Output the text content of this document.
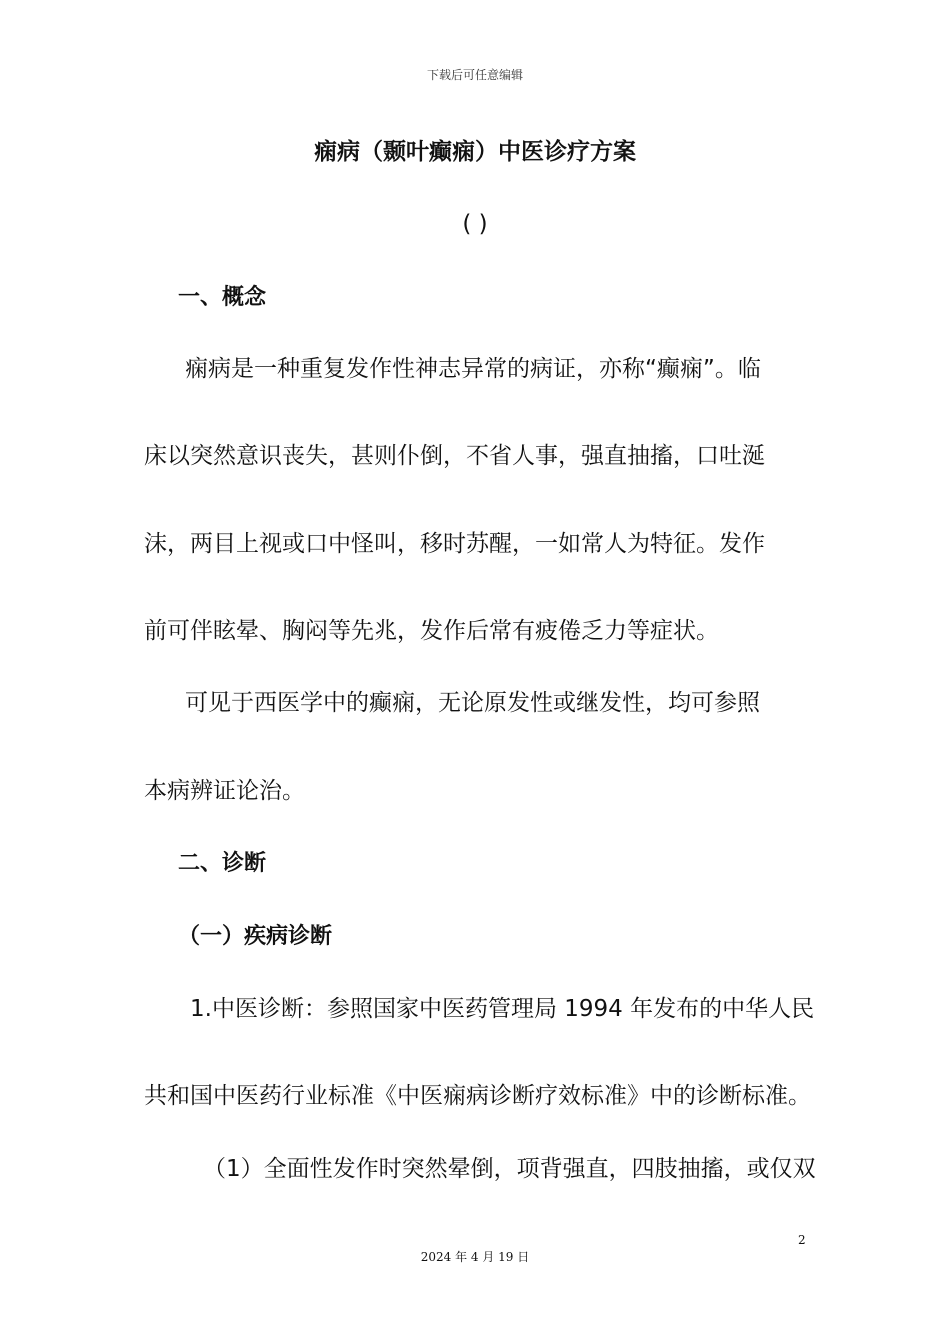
下载后可任意编辑
痫病（颞叶癫痫）中医诊疗方案
( )
一、概念
痫病是一种重复发作性神志异常的病证，亦称“癫痫”。临
床以突然意识丧失，甚则仆倒，不省人事，强直抽搐，口吐涎
沫，两目上视或口中怪叫，移时苏醒，一如常人为特征。发作
前可伴眩晕、胸闷等先兆，发作后常有疲倦乏力等症状。
可见于西医学中的癫痫，无论原发性或继发性，均可参照
本病辨证论治。
二、诊断
（一）疾病诊断
1.中医诊断：参照国家中医药管理局 1994 年发布的中华人民
共和国中医药行业标准《中医痫病诊断疗效标准》中的诊断标准。
（1）全面性发作时突然晕倒，项背强直，四肢抽搐，或仅双
2
2024 年 4 月 19 日
